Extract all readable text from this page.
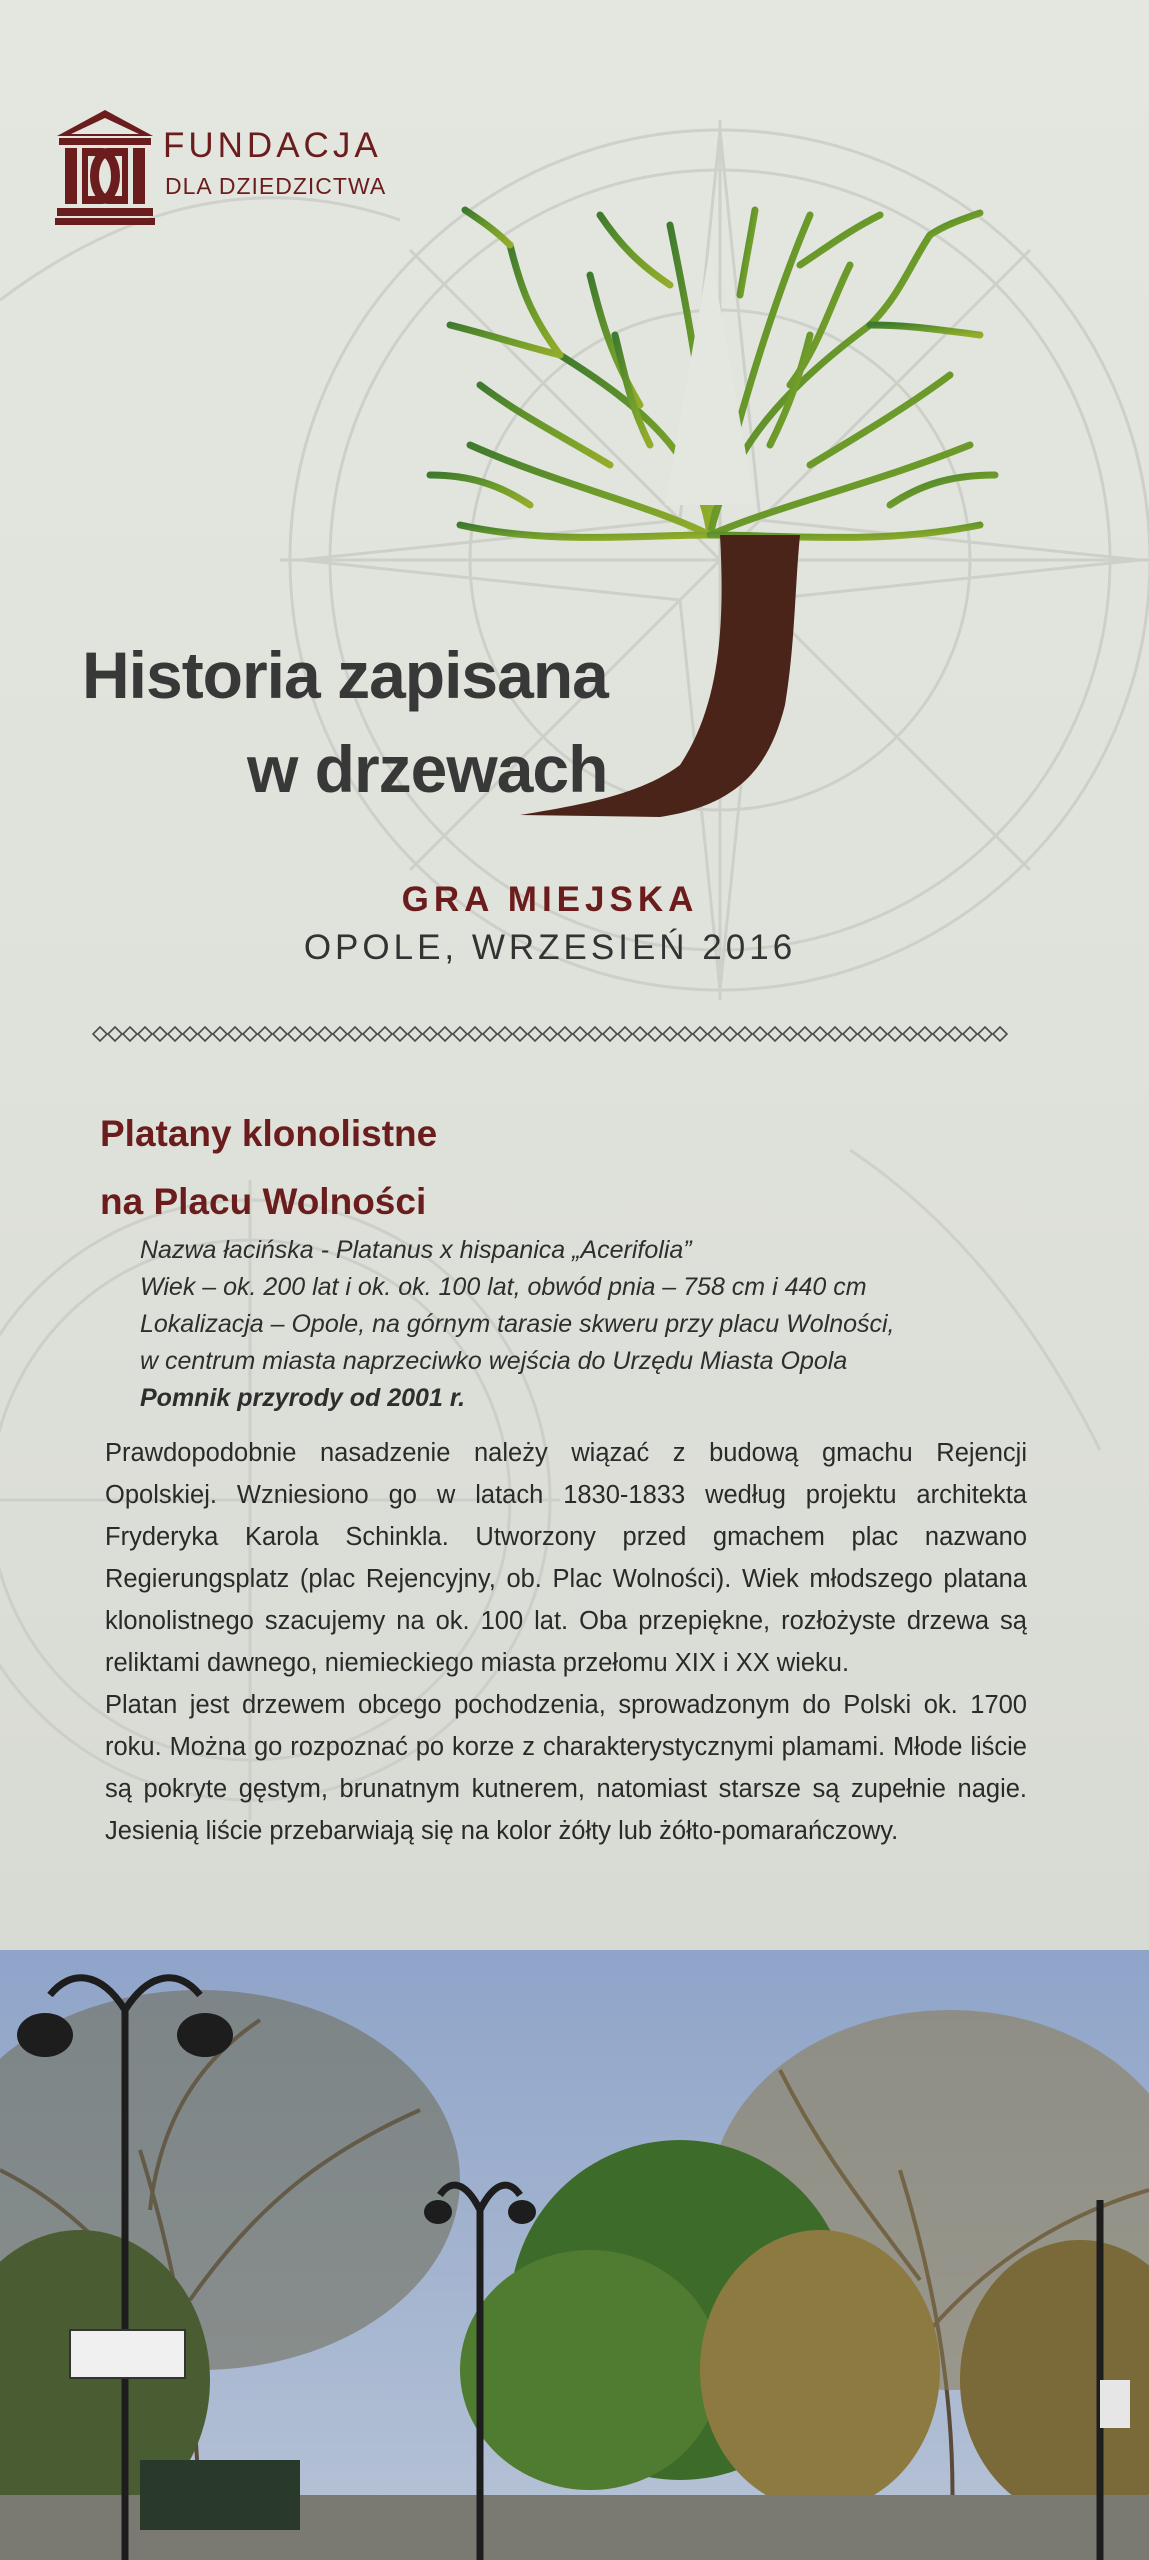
FUNDACJA
DLA DZIEDZICTWA
Historia zapisana
w drzewach
GRA MIEJSKA
OPOLE, WRZESIEŃ 2016
Platany klonolistne
na Placu Wolności
Nazwa łacińska - Platanus x hispanica „Acerifolia”
Wiek – ok. 200 lat i ok. ok. 100 lat, obwód pnia – 758 cm i 440 cm
Lokalizacja – Opole, na górnym tarasie skweru przy placu Wolności,
w centrum miasta naprzeciwko wejścia do Urzędu Miasta Opola
Pomnik przyrody od 2001 r.

Prawdopodobnie nasadzenie należy wiązać z budową gmachu Rejencji Opolskiej. Wzniesiono go w latach 1830-1833 według projektu architekta Fryderyka Karola Schinkla. Utworzony przed gmachem plac nazwano Regierungsplatz (plac Rejencyjny, ob. Plac Wolności). Wiek młodszego platana klonolistnego szacujemy na ok. 100 lat. Oba przepiękne, rozłożyste drzewa są reliktami dawnego, niemieckiego miasta przełomu XIX i XX wieku.

Platan jest drzewem obcego pochodzenia, sprowadzonym do Polski ok. 1700 roku. Można go rozpoznać po korze z charakterystycznymi plamami. Młode liście są pokryte gęstym, brunatnym kutnerem, natomiast starsze są zupełnie nagie. Jesienią liście przebarwiają się na kolor żółty lub żółto-pomarańczowy.
